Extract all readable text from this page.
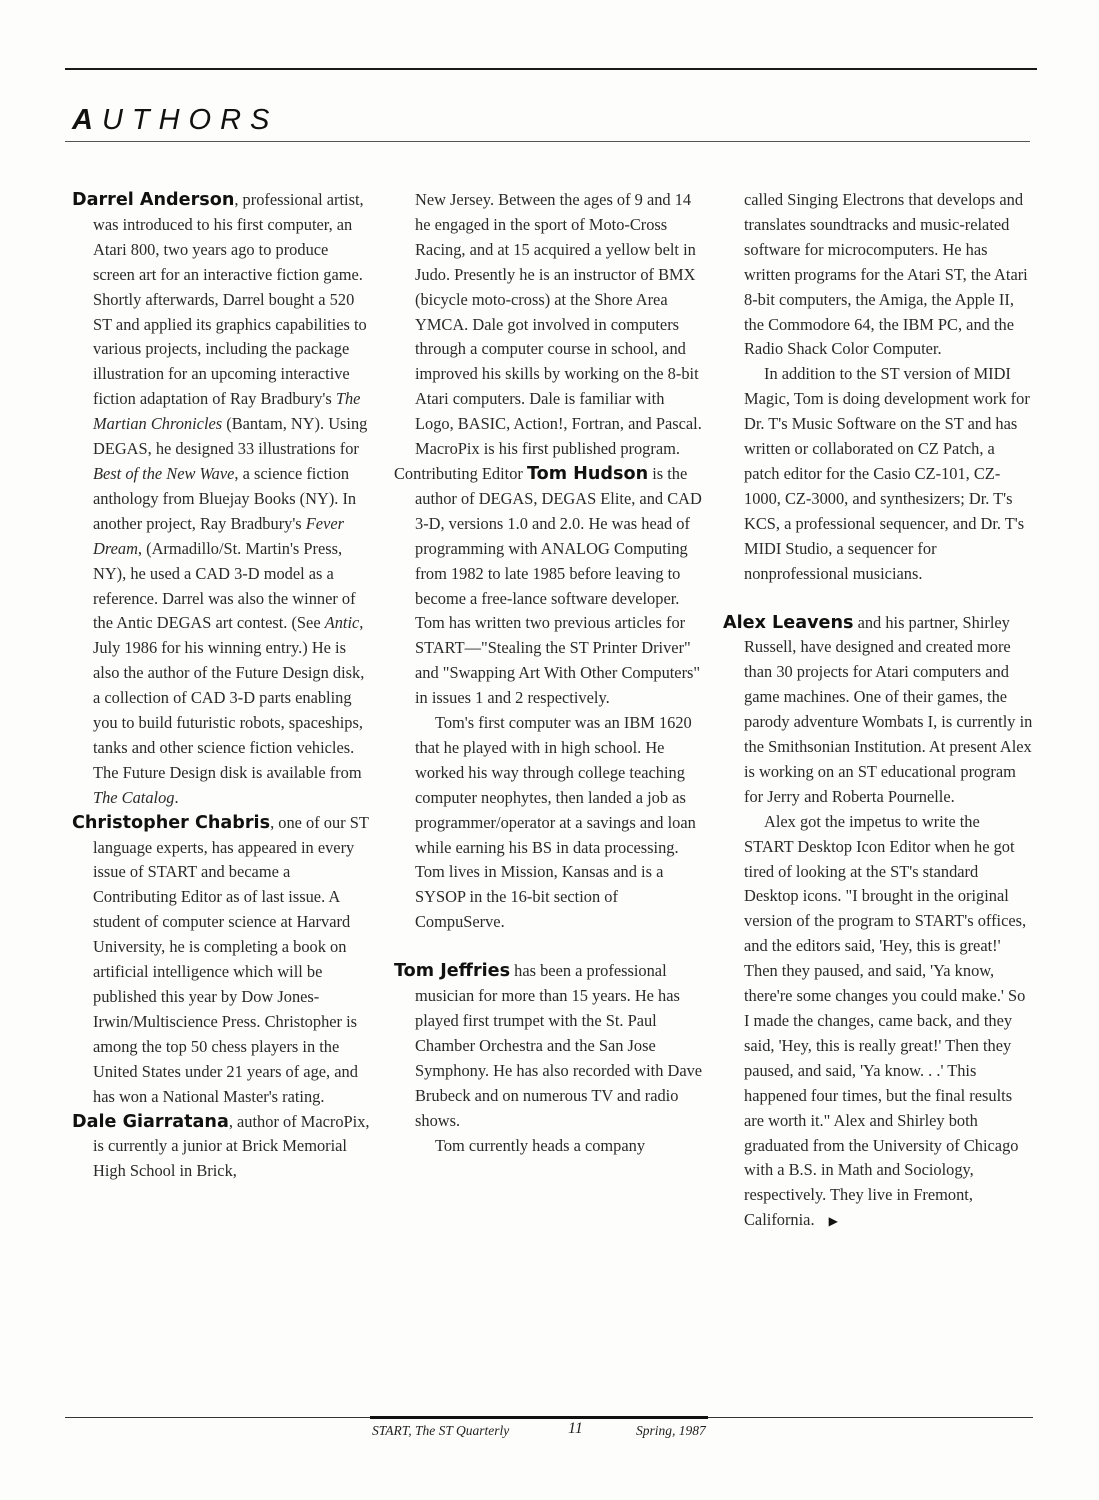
AUTHORS

Darrel Anderson, professional artist, was introduced to his first computer, an Atari 800, two years ago to produce screen art for an interactive fiction game. Shortly afterwards, Darrel bought a 520 ST and applied its graphics capabilities to various projects, including the package illustration for an upcoming interactive fiction adaptation of Ray Bradbury's The Martian Chronicles (Bantam, NY). Using DEGAS, he designed 33 illustrations for Best of the New Wave, a science fiction anthology from Bluejay Books (NY). In another project, Ray Bradbury's Fever Dream, (Armadillo/St. Martin's Press, NY), he used a CAD 3-D model as a reference. Darrel was also the winner of the Antic DEGAS art contest. (See Antic, July 1986 for his winning entry.) He is also the author of the Future Design disk, a collection of CAD 3-D parts enabling you to build futuristic robots, spaceships, tanks and other science fiction vehicles. The Future Design disk is available from The Catalog.

Christopher Chabris, one of our ST language experts, has appeared in every issue of START and became a Contributing Editor as of last issue. A student of computer science at Harvard University, he is completing a book on artificial intelligence which will be published this year by Dow Jones-Irwin/Multiscience Press. Christopher is among the top 50 chess players in the United States under 21 years of age, and has won a National Master's rating.

Dale Giarratana, author of MacroPix, is currently a junior at Brick Memorial High School in Brick,

New Jersey. Between the ages of 9 and 14 he engaged in the sport of Moto-Cross Racing, and at 15 acquired a yellow belt in Judo. Presently he is an instructor of BMX (bicycle moto-cross) at the Shore Area YMCA. Dale got involved in computers through a computer course in school, and improved his skills by working on the 8-bit Atari computers. Dale is familiar with Logo, BASIC, Action!, Fortran, and Pascal. MacroPix is his first published program.

Contributing Editor Tom Hudson is the author of DEGAS, DEGAS Elite, and CAD 3-D, versions 1.0 and 2.0. He was head of programming with ANALOG Computing from 1982 to late 1985 before leaving to become a free-lance software developer. Tom has written two previous articles for START—"Stealing the ST Printer Driver" and "Swapping Art With Other Computers" in issues 1 and 2 respectively.

Tom's first computer was an IBM 1620 that he played with in high school. He worked his way through college teaching computer neophytes, then landed a job as programmer/operator at a savings and loan while earning his BS in data processing. Tom lives in Mission, Kansas and is a SYSOP in the 16-bit section of CompuServe.

Tom Jeffries has been a professional musician for more than 15 years. He has played first trumpet with the St. Paul Chamber Orchestra and the San Jose Symphony. He has also recorded with Dave Brubeck and on numerous TV and radio shows.

Tom currently heads a company

called Singing Electrons that develops and translates soundtracks and music-related software for microcomputers. He has written programs for the Atari ST, the Atari 8-bit computers, the Amiga, the Apple II, the Commodore 64, the IBM PC, and the Radio Shack Color Computer.

In addition to the ST version of MIDI Magic, Tom is doing development work for Dr. T's Music Software on the ST and has written or collaborated on CZ Patch, a patch editor for the Casio CZ-101, CZ-1000, CZ-3000, and synthesizers; Dr. T's KCS, a professional sequencer, and Dr. T's MIDI Studio, a sequencer for nonprofessional musicians.

Alex Leavens and his partner, Shirley Russell, have designed and created more than 30 projects for Atari computers and game machines. One of their games, the parody adventure Wombats I, is currently in the Smithsonian Institution. At present Alex is working on an ST educational program for Jerry and Roberta Pournelle.

Alex got the impetus to write the START Desktop Icon Editor when he got tired of looking at the ST's standard Desktop icons. "I brought in the original version of the program to START's offices, and the editors said, 'Hey, this is great!' Then they paused, and said, 'Ya know, there're some changes you could make.' So I made the changes, came back, and they said, 'Hey, this is really great!' Then they paused, and said, 'Ya know. . .' This happened four times, but the final results are worth it." Alex and Shirley both graduated from the University of Chicago with a B.S. in Math and Sociology, respectively. They live in Fremont, California. ▶

START, The ST Quarterly	11	Spring, 1987
